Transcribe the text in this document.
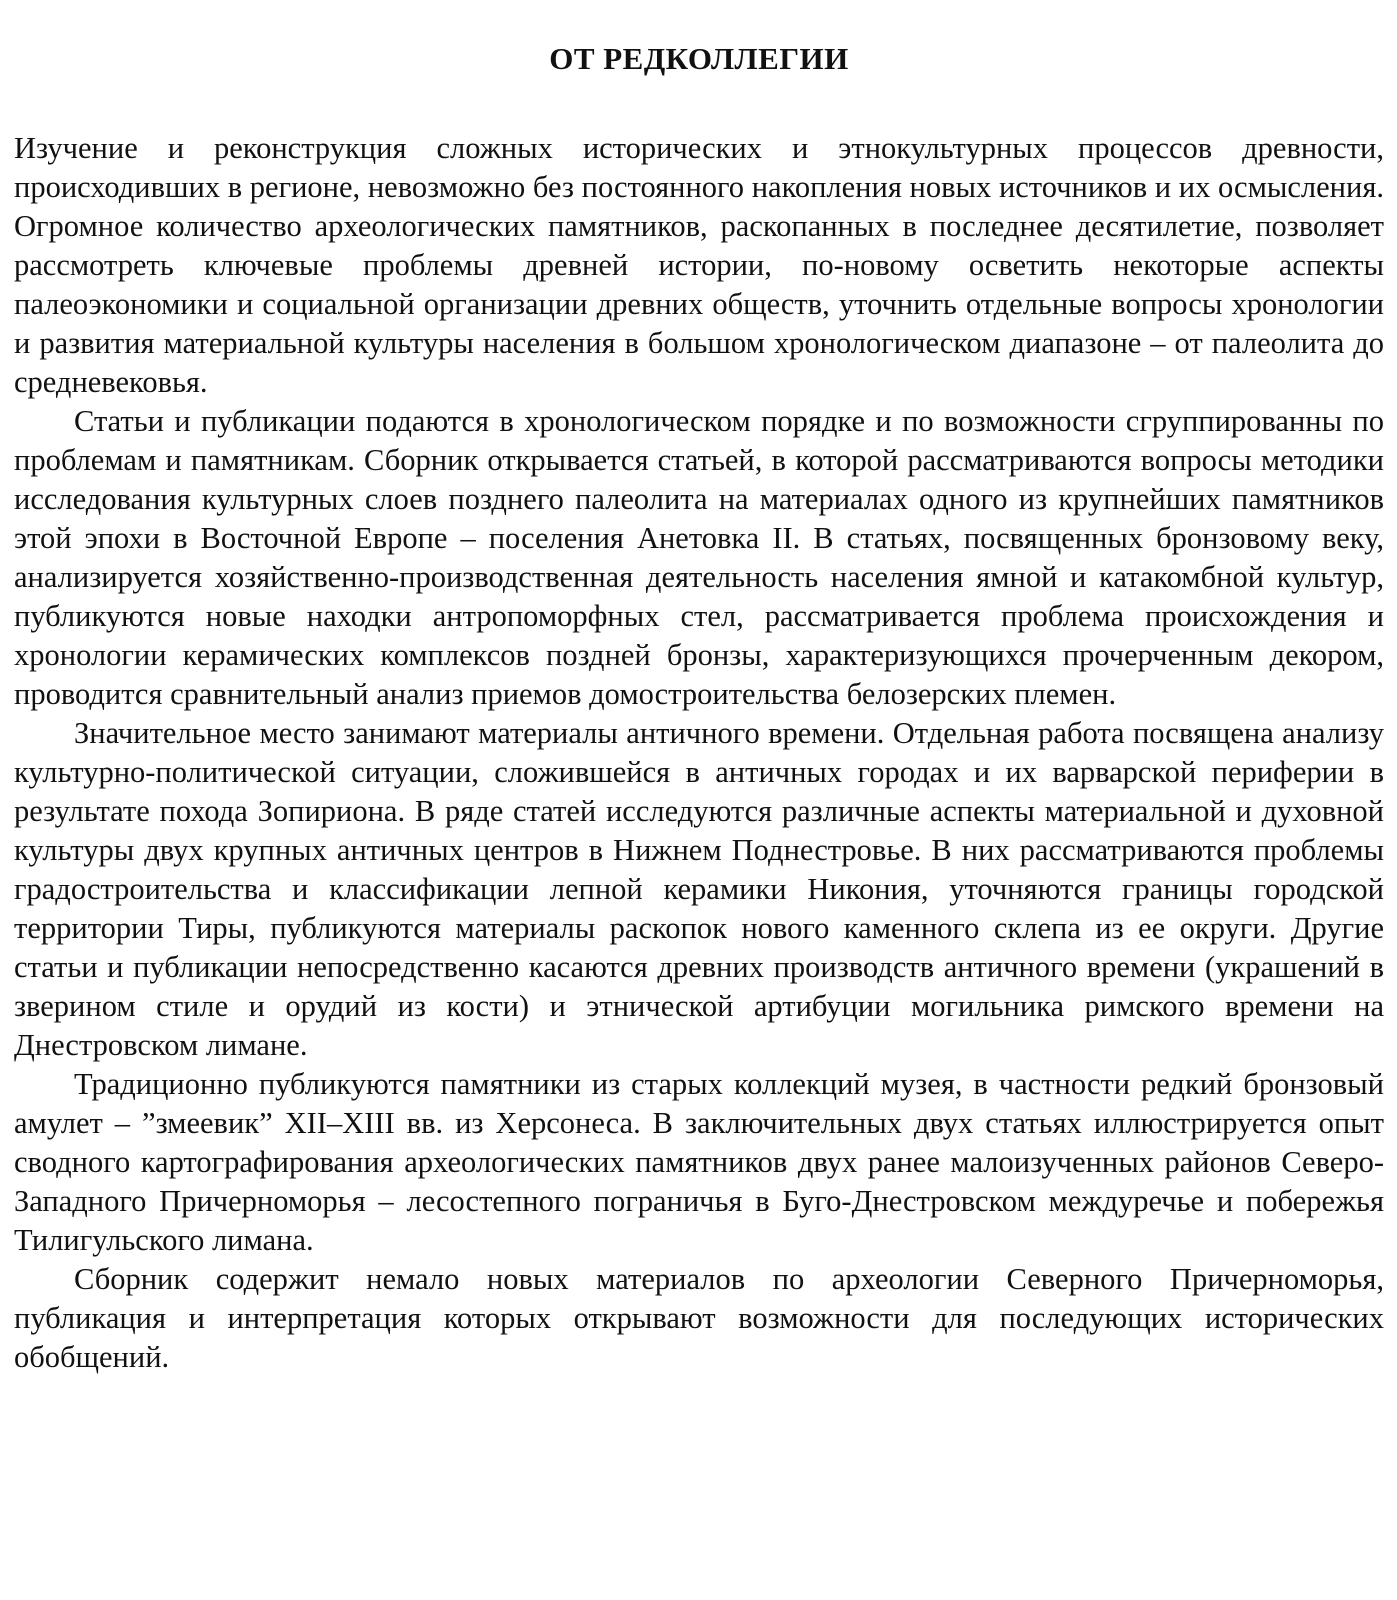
ОТ РЕДКОЛЛЕГИИ

Изучение и реконструкция сложных исторических и этнокультурных процессов древности, происходивших в регионе, невозможно без постоянного накопления новых источников и их осмысления. Огромное количество археологических памятников, раскопанных в последнее десятилетие, позволяет рассмотреть ключевые проблемы древней истории, по-новому осветить некоторые аспекты палеоэкономики и социальной организации древних обществ, уточнить отдельные вопросы хронологии и развития материальной культуры населения в большом хронологическом диапазоне – от палеолита до средневековья.

Статьи и публикации подаются в хронологическом порядке и по возможности сгруппированны по проблемам и памятникам. Сборник открывается статьей, в которой рассматриваются вопросы методики исследования культурных слоев позднего палеолита на материалах одного из крупнейших памятников этой эпохи в Восточной Европе – поселения Анетовка II. В статьях, посвященных бронзовому веку, анализируется хозяйственно-производственная деятельность населения ямной и катакомбной культур, публикуются новые находки антропоморфных стел, рассматривается проблема происхождения и хронологии керамических комплексов поздней бронзы, характеризующихся прочерченным декором, проводится сравнительный анализ приемов домостроительства белозерских племен.

Значительное место занимают материалы античного времени. Отдельная работа посвящена анализу культурно-политической ситуации, сложившейся в античных городах и их варварской периферии в результате похода Зопириона. В ряде статей исследуются различные аспекты материальной и духовной культуры двух крупных античных центров в Нижнем Поднестровье. В них рассматриваются проблемы градостроительства и классификации лепной керамики Никония, уточняются границы городской территории Тиры, публикуются материалы раскопок нового каменного склепа из ее округи. Другие статьи и публикации непосредственно касаются древних производств античного времени (украшений в зверином стиле и орудий из кости) и этнической артибуции могильника римского времени на Днестровском лимане.

Традиционно публикуются памятники из старых коллекций музея, в частности редкий бронзовый амулет – ”змеевик” XII–XIII вв. из Херсонеса. В заключительных двух статьях иллюстрируется опыт сводного картографирования археологических памятников двух ранее малоизученных районов Северо-Западного Причерноморья – лесостепного пограничья в Буго-Днестровском междуречье и побережья Тилигульского лимана.

Сборник содержит немало новых материалов по археологии Северного Причерноморья, публикация и интерпретация которых открывают возможности для последующих исторических обобщений.
